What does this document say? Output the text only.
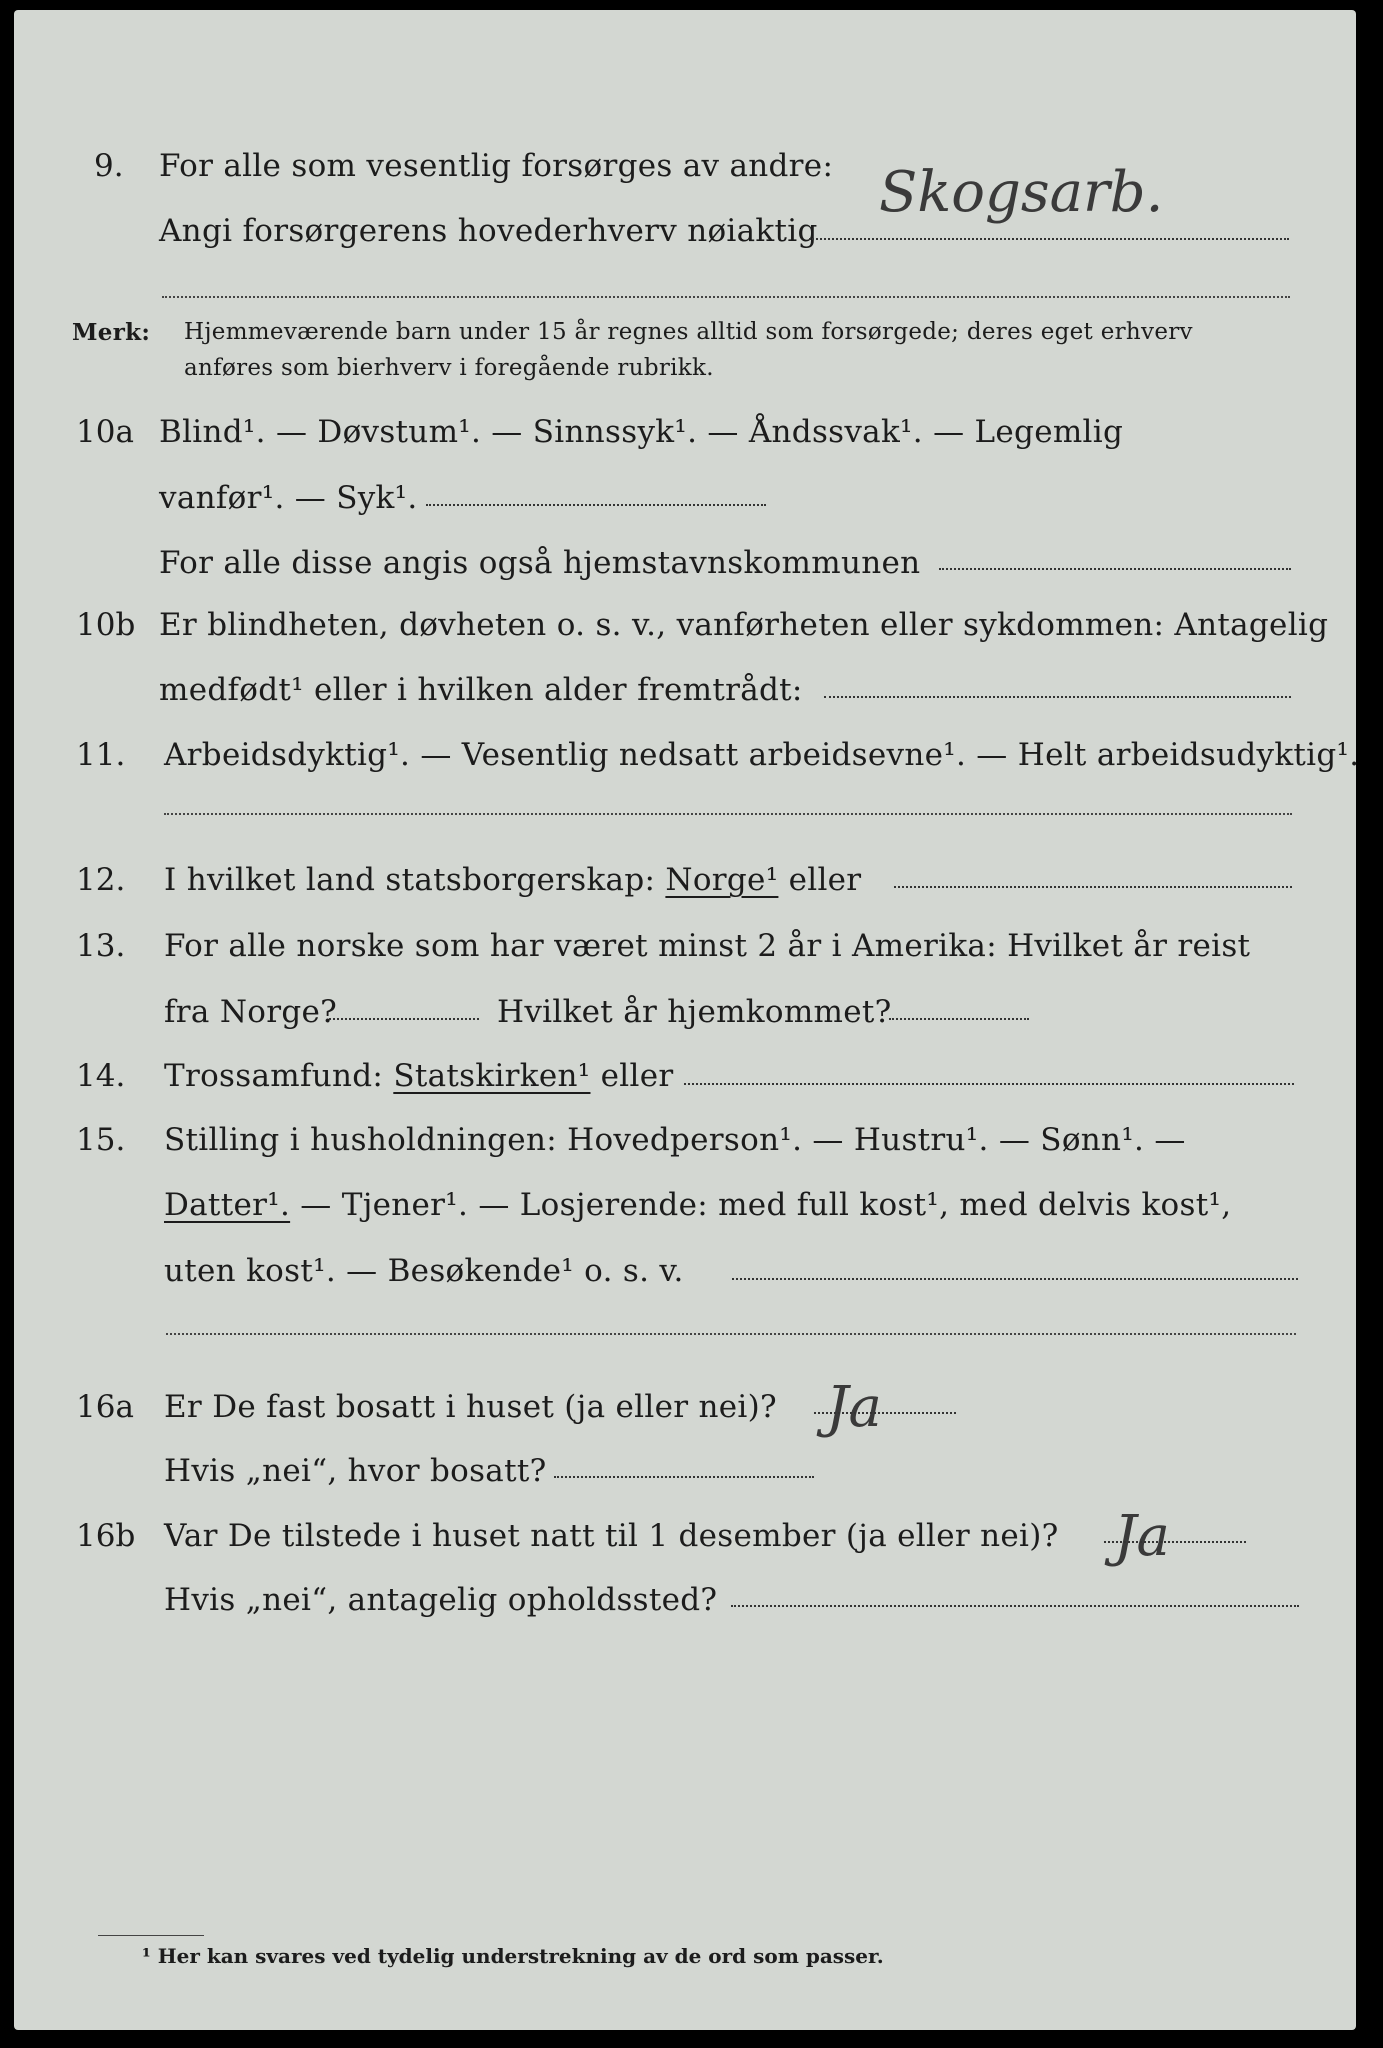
9. For alle som vesentlig forsørges av andre:
Angi forsørgerens hovederhverv nøiaktig
Skogsarb.
Merk: Hjemmeværende barn under 15 år regnes alltid som forsørgede; deres eget erhverv
anføres som bierhverv i foregående rubrikk.
10a Blind¹. — Døvstum¹. — Sinnssyk¹. — Åndssvak¹. — Legemlig
vanfør¹. — Syk¹.
For alle disse angis også hjemstavnskommunen
10b Er blindheten, døvheten o. s. v., vanførheten eller sykdommen: Antagelig
medfødt¹ eller i hvilken alder fremtrådt:
11. Arbeidsdyktig¹. — Vesentlig nedsatt arbeidsevne¹. — Helt arbeidsudyktig¹.
12. I hvilket land statsborgerskap: Norge¹ eller
13. For alle norske som har været minst 2 år i Amerika: Hvilket år reist
fra Norge?	Hvilket år hjemkommet?
14. Trossamfund: Statskirken¹ eller
15. Stilling i husholdningen: Hovedperson¹. — Hustru¹. — Sønn¹. —
Datter¹. — Tjener¹. — Losjerende: med full kost¹, med delvis kost¹,
uten kost¹. — Besøkende¹ o. s. v.
16a Er De fast bosatt i huset (ja eller nei)? Ja
Hvis „nei“, hvor bosatt?
16b Var De tilstede i huset natt til 1 desember (ja eller nei)? Ja
Hvis „nei“, antagelig opholdssted?
¹ Her kan svares ved tydelig understrekning av de ord som passer.
